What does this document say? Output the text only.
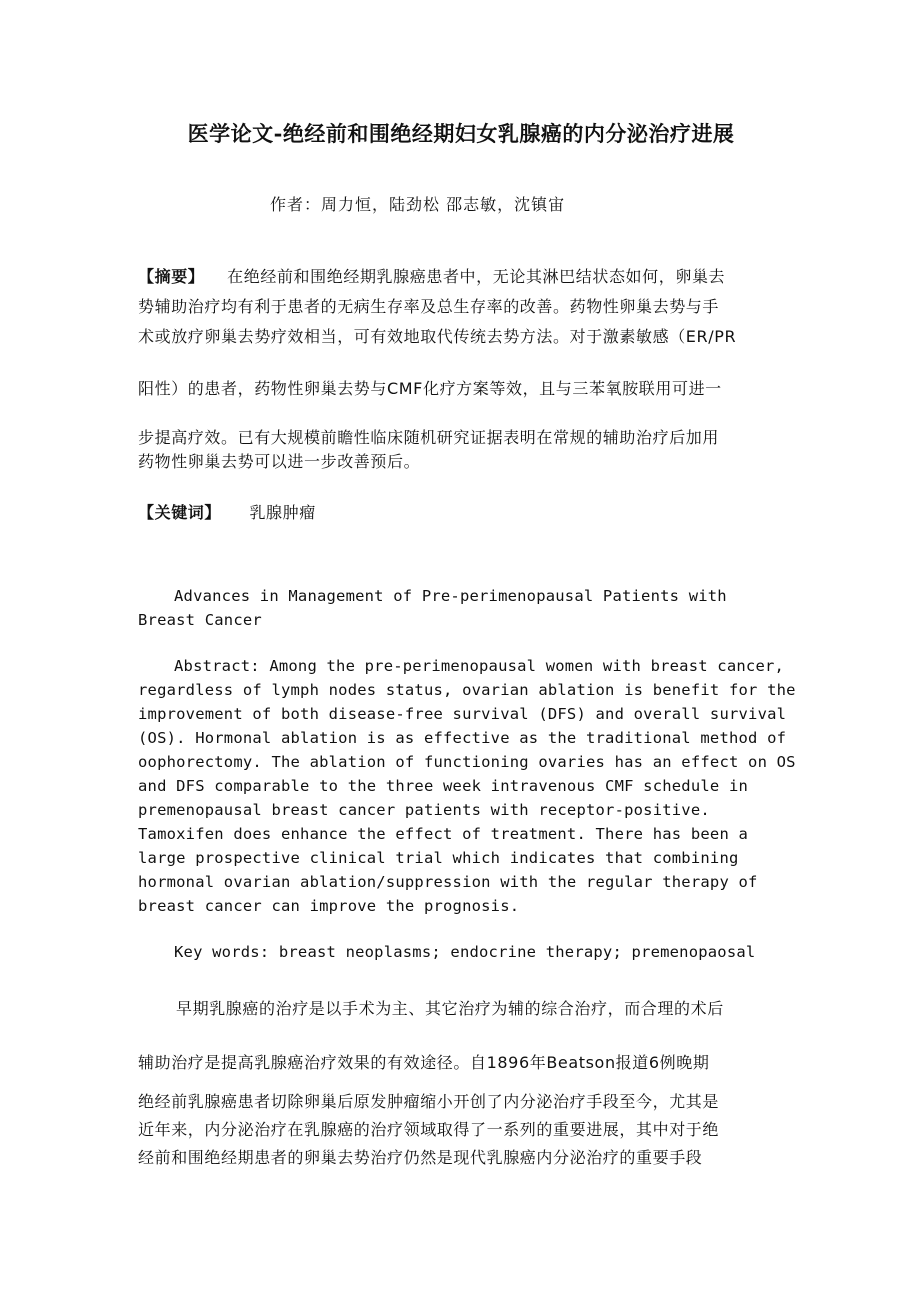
医学论文-绝经前和围绝经期妇女乳腺癌的内分泌治疗进展

作者：周力恒，陆劲松 邵志敏，沈镇宙

【摘要】 在绝经前和围绝经期乳腺癌患者中，无论其淋巴结状态如何，卵巢去
势辅助治疗均有利于患者的无病生存率及总生存率的改善。药物性卵巢去势与手
术或放疗卵巢去势疗效相当，可有效地取代传统去势方法。对于激素敏感（ER/PR
阳性）的患者，药物性卵巢去势与CMF化疗方案等效，且与三苯氧胺联用可进一
步提高疗效。已有大规模前瞻性临床随机研究证据表明在常规的辅助治疗后加用
药物性卵巢去势可以进一步改善预后。

【关键词】 乳腺肿瘤

Advances in Management of Pre-perimenopausal Patients with Breast Cancer

Abstract: Among the pre-perimenopausal women with breast cancer,
regardless of lymph nodes status, ovarian ablation is benefit for the
improvement of both disease-free survival (DFS) and overall survival
(OS). Hormonal ablation is as effective as the traditional method of
oophorectomy. The ablation of functioning ovaries has an effect on OS
and DFS comparable to the three week intravenous CMF schedule in
premenopausal breast cancer patients with receptor-positive.
Tamoxifen does enhance the effect of treatment. There has been a
large prospective clinical trial which indicates that combining
hormonal ovarian ablation/suppression with the regular therapy of
breast cancer can improve the prognosis.

Key words: breast neoplasms; endocrine therapy; premenopaosal

早期乳腺癌的治疗是以手术为主、其它治疗为辅的综合治疗，而合理的术后
辅助治疗是提高乳腺癌治疗效果的有效途径。自1896年Beatson报道6例晚期
绝经前乳腺癌患者切除卵巢后原发肿瘤缩小开创了内分泌治疗手段至今，尤其是
近年来，内分泌治疗在乳腺癌的治疗领域取得了一系列的重要进展，其中对于绝
经前和围绝经期患者的卵巢去势治疗仍然是现代乳腺癌内分泌治疗的重要手段
